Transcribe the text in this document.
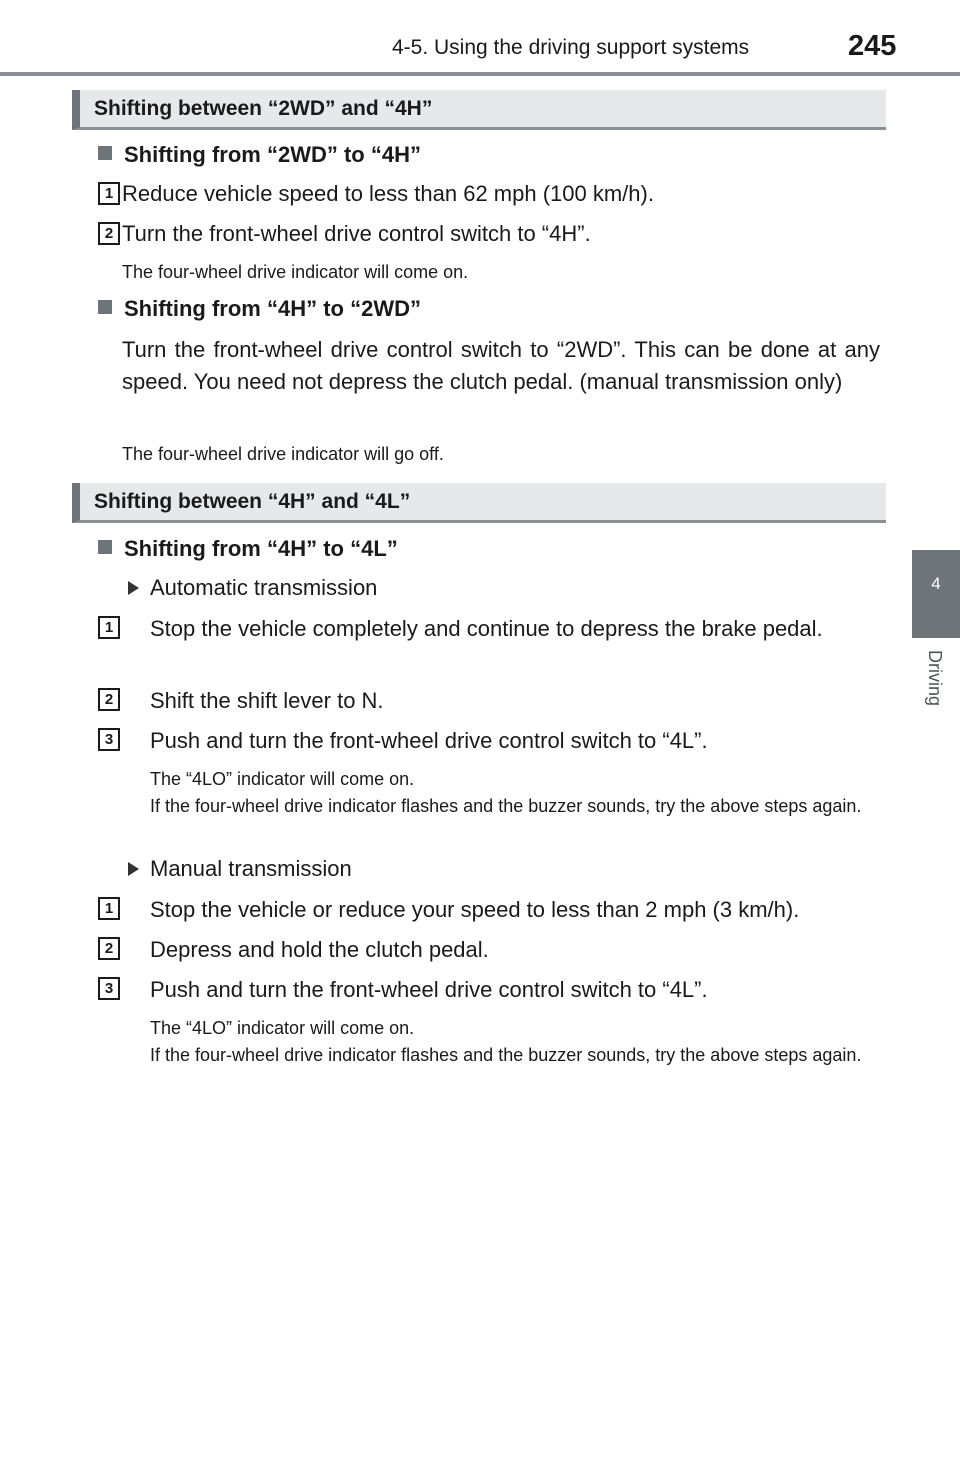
4-5. Using the driving support systems	245
4
Driving
Shifting between “2WD” and “4H”
Shifting from “2WD” to “4H”
1 Reduce vehicle speed to less than 62 mph (100 km/h).
2 Turn the front-wheel drive control switch to “4H”.
The four-wheel drive indicator will come on.
Shifting from “4H” to “2WD”
Turn the front-wheel drive control switch to “2WD”. This can be done at any speed. You need not depress the clutch pedal. (manual transmission only)
The four-wheel drive indicator will go off.
Shifting between “4H” and “4L”
Shifting from “4H” to “4L”
Automatic transmission
1	Stop the vehicle completely and continue to depress the brake pedal.
2	Shift the shift lever to N.
3	Push and turn the front-wheel drive control switch to “4L”.
The “4LO” indicator will come on.
If the four-wheel drive indicator flashes and the buzzer sounds, try the above steps again.
Manual transmission
1	Stop the vehicle or reduce your speed to less than 2 mph (3 km/h).
2	Depress and hold the clutch pedal.
3	Push and turn the front-wheel drive control switch to “4L”.
The “4LO” indicator will come on.
If the four-wheel drive indicator flashes and the buzzer sounds, try the above steps again.
